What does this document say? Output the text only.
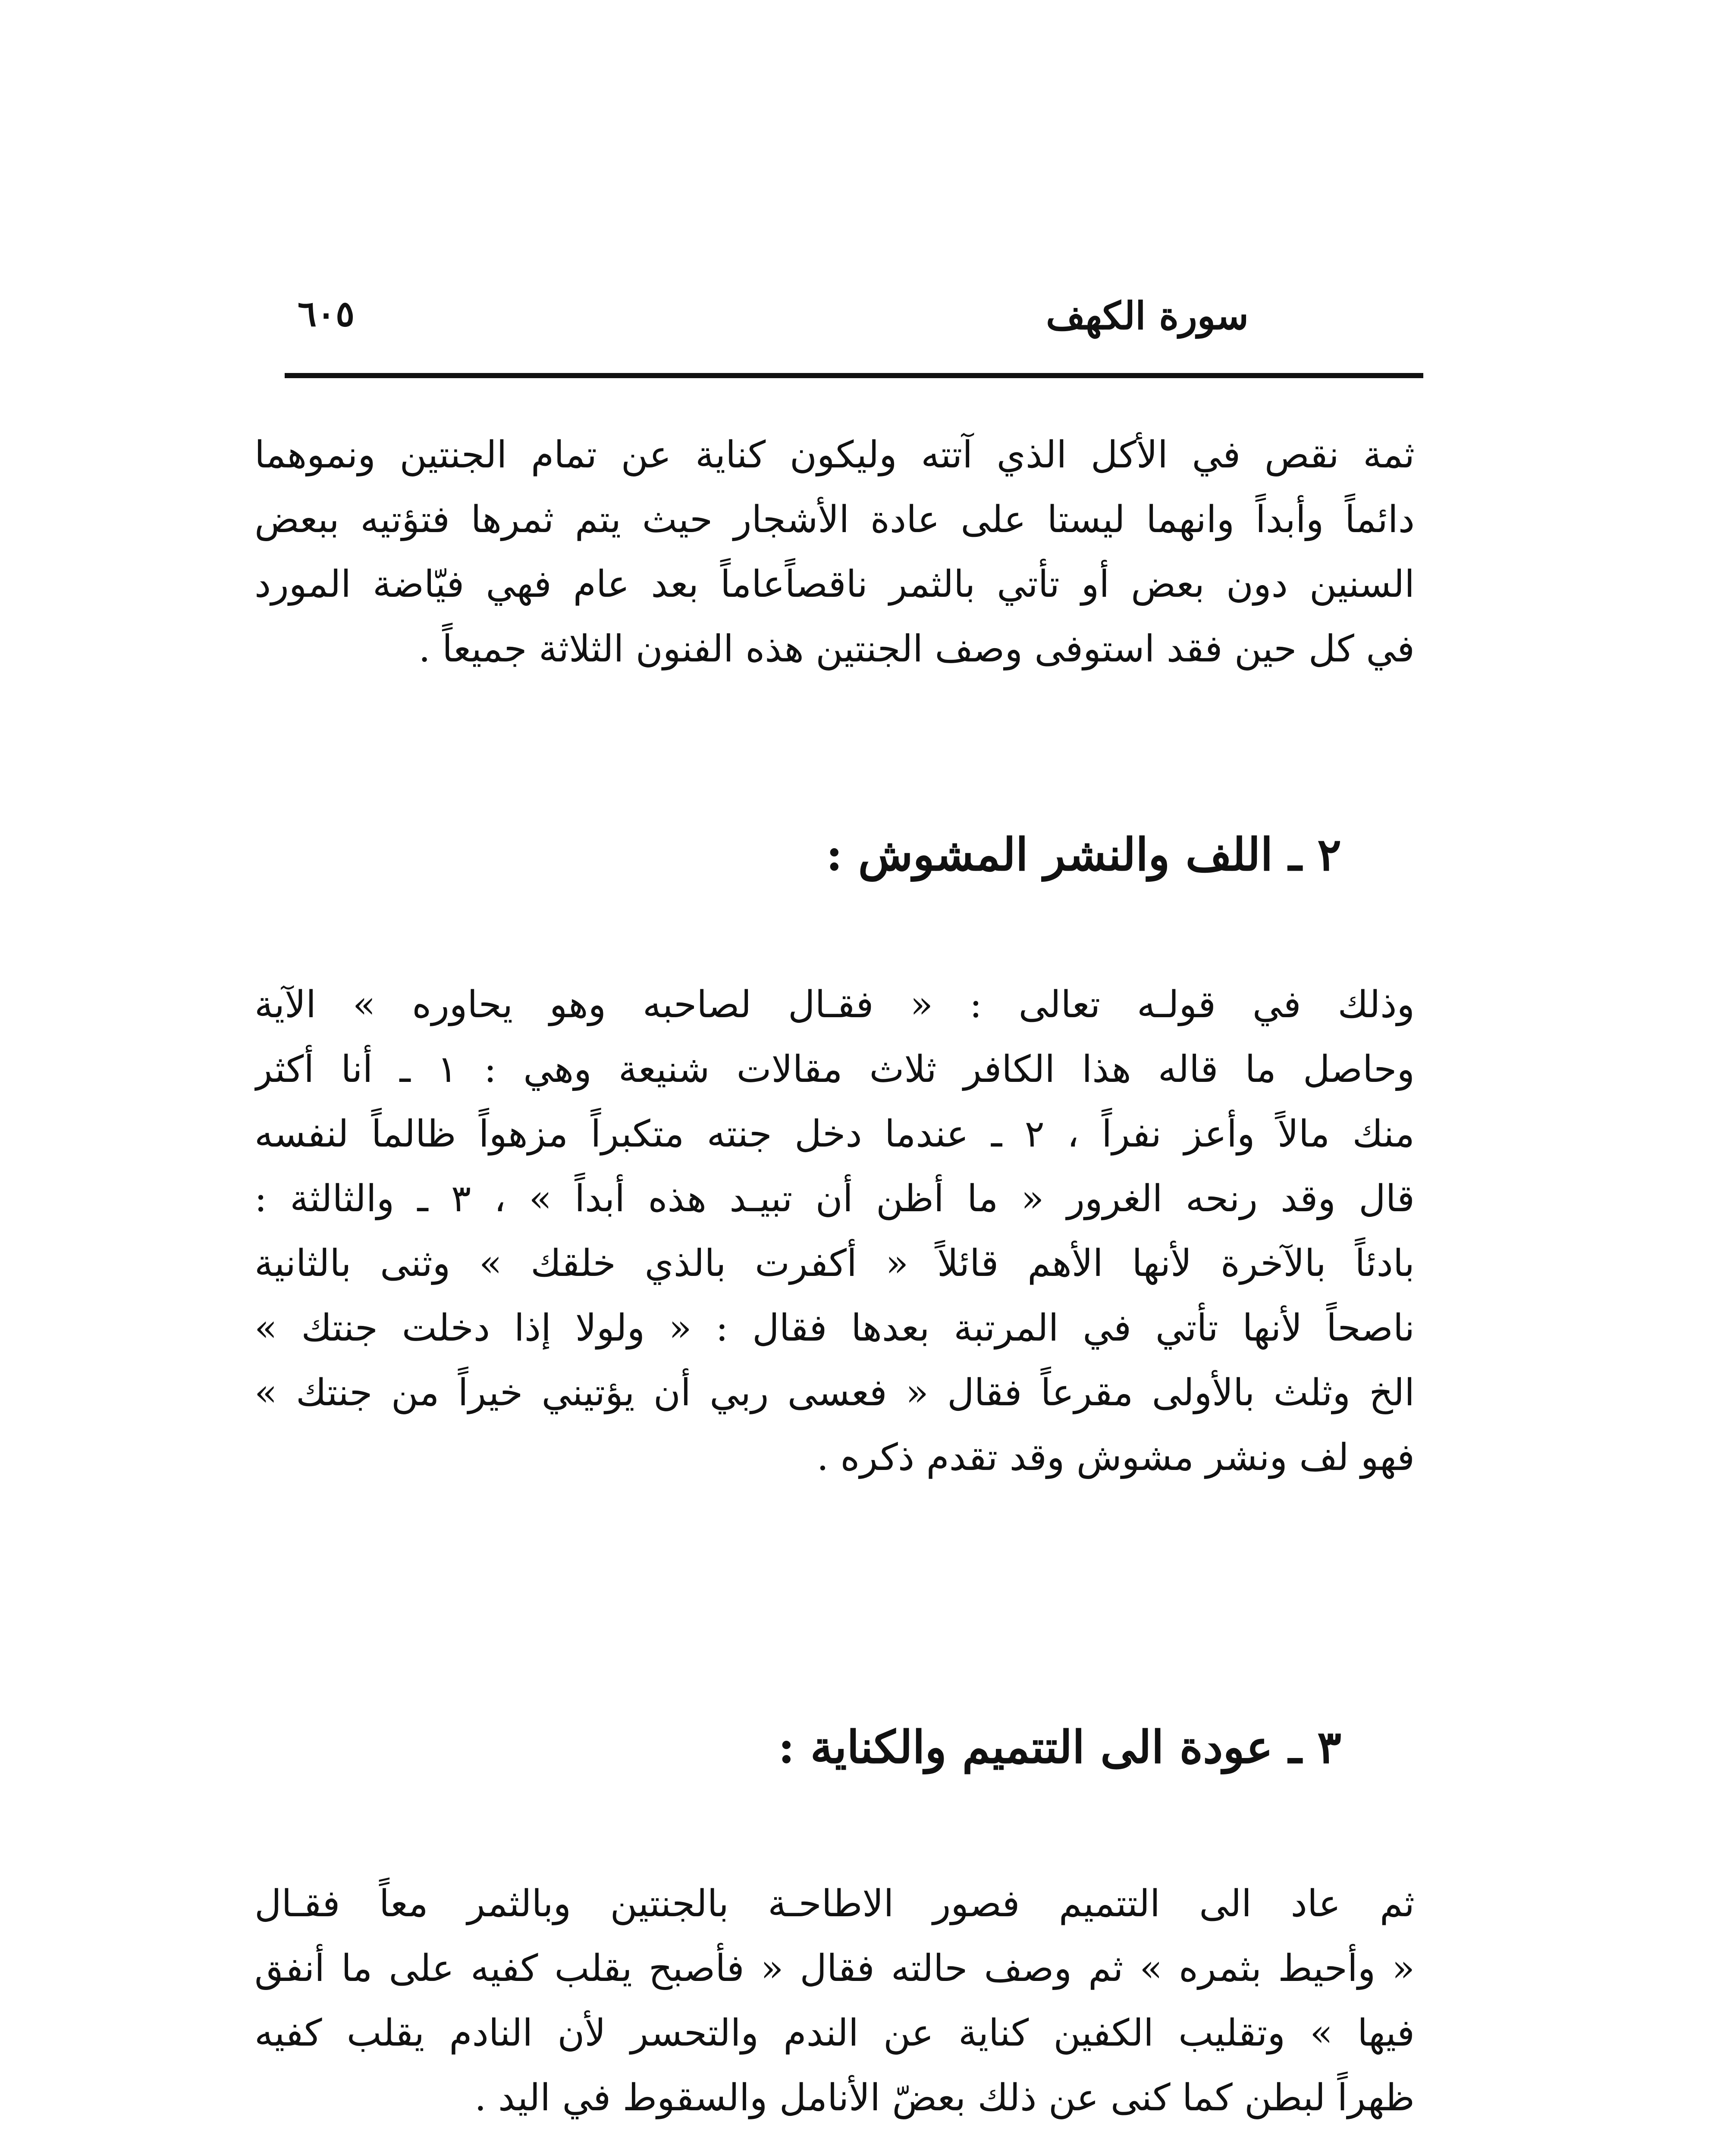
٦٠٥	سورة الكهف
ثمة نقص في الأكل الذي آتته وليكون كناية عن تمام الجنتين ونموهما
دائماً وأبداً وانهما ليستا على عادة الأشجار حيث يتم ثمرها فتؤتيه ببعض
السنين دون بعض أو تأتي بالثمر ناقصاًعاماً بعد عام فهي فيّاضة المورد
في كل حين فقد استوفى وصف الجنتين هذه الفنون الثلاثة جميعاً .
٢ ـ اللف والنشر المشوش :
وذلك في قولـه تعالى : « فقـال لصاحبه وهو يحاوره » الآية
وحاصل ما قاله هذا الكافر ثلاث مقالات شنيعة وهي : ١ ـ أنا أكثر
منك مالاً وأعز نفراً ، ٢ ـ عندما دخل جنته متكبراً مزهواً ظالماً لنفسه
قال وقد رنحه الغرور « ما أظن أن تبيـد هذه أبداً » ، ٣ ـ والثالثة :
بادئاً بالآخرة لأنها الأهم قائلاً « أكفرت بالذي خلقك » وثنى بالثانية
ناصحاً لأنها تأتي في المرتبة بعدها فقال : « ولولا إذا دخلت جنتك »
الخ وثلث بالأولى مقرعاً فقال « فعسى ربي أن يؤتيني خيراً من جنتك »
فهو لف ونشر مشوش وقد تقدم ذكره .
٣ ـ عودة الى التتميم والكناية :
ثم عاد الى التتميم فصور الاطاحـة بالجنتين وبالثمر معاً فقـال
« وأحيط بثمره » ثم وصف حالته فقال « فأصبح يقلب كفيه على ما أنفق
فيها » وتقليب الكفين كناية عن الندم والتحسر لأن النادم يقلب كفيه
ظهراً لبطن كما كنى عن ذلك بعضّ الأنامل والسقوط في اليد .
